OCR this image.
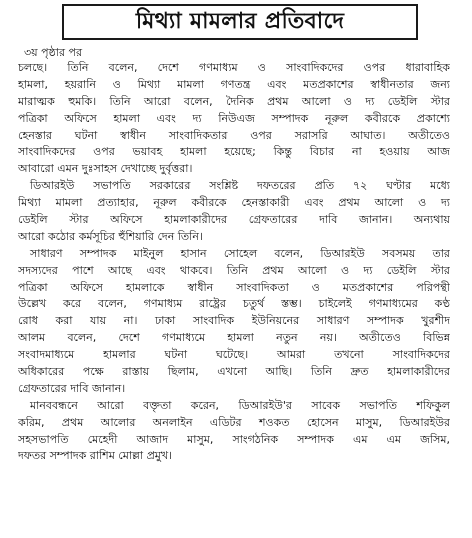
মিথ্যা মামলার প্রতিবাদে
৩য় পৃষ্ঠার পর
চলছে। তিনি বলেন, দেশে গণমাধ্যম ও সাংবাদিকদের ওপর ধারাবাহিক
হামলা, হয়রানি ও মিথ্যা মামলা গণতন্ত্র এবং মতপ্রকাশের স্বাধীনতার জন্য
মারাত্মক হুমকি। তিনি আরো বলেন, দৈনিক প্রথম আলো ও দ্য ডেইলি স্টার
পত্রিকা অফিসে হামলা এবং দ্য নিউএজ সম্পাদক নূরুল কবীরকে প্রকাশ্যে
হেনস্তার ঘটনা স্বাধীন সাংবাদিকতার ওপর সরাসরি আঘাত। অতীতেও
সাংবাদিকদের ওপর ভয়াবহ হামলা হয়েছে; কিন্তু বিচার না হওয়ায় আজ
আবারো এমন দুঃসাহস দেখাচ্ছে দুর্বৃত্তরা।
ডিআরইউ সভাপতি সরকারের সংশ্লিষ্ট দফতরের প্রতি ৭২ ঘণ্টার মধ্যে
মিথ্যা মামলা প্রত্যাহার, নূরুল কবীরকে হেনস্তাকারী এবং প্রথম আলো ও দ্য
ডেইলি স্টার অফিসে হামলাকারীদের গ্রেফতারের দাবি জানান। অন্যথায়
আরো কঠোর কর্মসূচির হুঁশিয়ারি দেন তিনি।
সাধারণ সম্পাদক মাইনুল হাসান সোহেল বলেন, ডিআরইউ সবসময় তার
সদস্যদের পাশে আছে এবং থাকবে। তিনি প্রথম আলো ও দ্য ডেইলি স্টার
পত্রিকা অফিসে হামলাকে স্বাধীন সাংবাদিকতা ও মতপ্রকাশের পরিপন্থী
উল্লেখ করে বলেন, গণমাধ্যম রাষ্ট্রের চতুর্থ স্তম্ভ। চাইলেই গণমাধ্যমের কণ্ঠ
রোধ করা যায় না। ঢাকা সাংবাদিক ইউনিয়নের সাধারণ সম্পাদক খুরশীদ
আলম বলেন, দেশে গণমাধ্যমে হামলা নতুন নয়। অতীতেও বিভিন্ন
সংবাদমাধ্যমে হামলার ঘটনা ঘটেছে। আমরা তখনো সাংবাদিকদের
অধিকারের পক্ষে রাস্তায় ছিলাম, এখনো আছি। তিনি দ্রুত হামলাকারীদের
গ্রেফতারের দাবি জানান।
মানববন্ধনে আরো বক্তৃতা করেন, ডিআরইউ'র সাবেক সভাপতি শফিকুল
করিম, প্রথম আলোর অনলাইন এডিটর শওকত হোসেন মাসুম, ডিআরইউর
সহসভাপতি মেহেদী আজাদ মাসুম, সাংগঠনিক সম্পাদক এম এম জসিম,
দফতর সম্পাদক রাশিম মোল্লা প্রমুখ।
